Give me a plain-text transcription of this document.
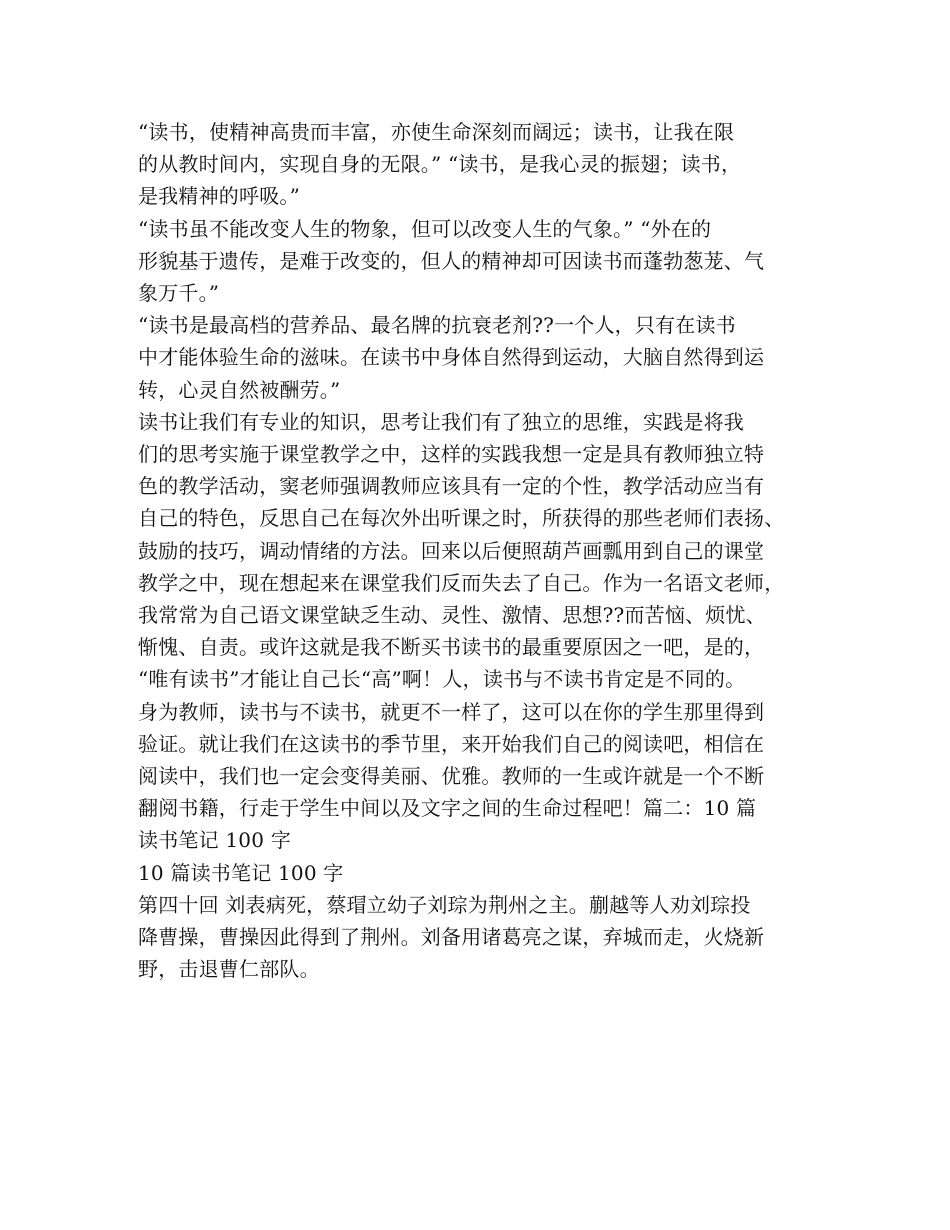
“读书，使精神高贵而丰富，亦使生命深刻而阔远；读书，让我在限
的从教时间内，实现自身的无限。” “读书，是我心灵的振翅；读书，
是我精神的呼吸。”

“读书虽不能改变人生的物象，但可以改变人生的气象。” “外在的
形貌基于遗传，是难于改变的，但人的精神却可因读书而蓬勃葱茏、气
象万千。”

“读书是最高档的营养品、最名牌的抗衰老剂??一个人，只有在读书
中才能体验生命的滋味。在读书中身体自然得到运动，大脑自然得到运
转，心灵自然被酬劳。”

读书让我们有专业的知识，思考让我们有了独立的思维，实践是将我
们的思考实施于课堂教学之中，这样的实践我想一定是具有教师独立特
色的教学活动，窦老师强调教师应该具有一定的个性，教学活动应当有
自己的特色，反思自己在每次外出听课之时，所获得的那些老师们表扬、
鼓励的技巧，调动情绪的方法。回来以后便照葫芦画瓢用到自己的课堂
教学之中，现在想起来在课堂我们反而失去了自己。作为一名语文老师，
我常常为自己语文课堂缺乏生动、灵性、激情、思想??而苦恼、烦忧、
惭愧、自责。或许这就是我不断买书读书的最重要原因之一吧，是的，
“唯有读书”才能让自己长“高”啊！人，读书与不读书肯定是不同的。
身为教师，读书与不读书，就更不一样了，这可以在你的学生那里得到
验证。就让我们在这读书的季节里，来开始我们自己的阅读吧，相信在
阅读中，我们也一定会变得美丽、优雅。教师的一生或许就是一个不断
翻阅书籍，行走于学生中间以及文字之间的生命过程吧！篇二：10 篇
读书笔记 100 字

10 篇读书笔记 100 字

第四十回 刘表病死，蔡瑁立幼子刘琮为荆州之主。蒯越等人劝刘琮投
降曹操，曹操因此得到了荆州。刘备用诸葛亮之谋，弃城而走，火烧新
野，击退曹仁部队。
